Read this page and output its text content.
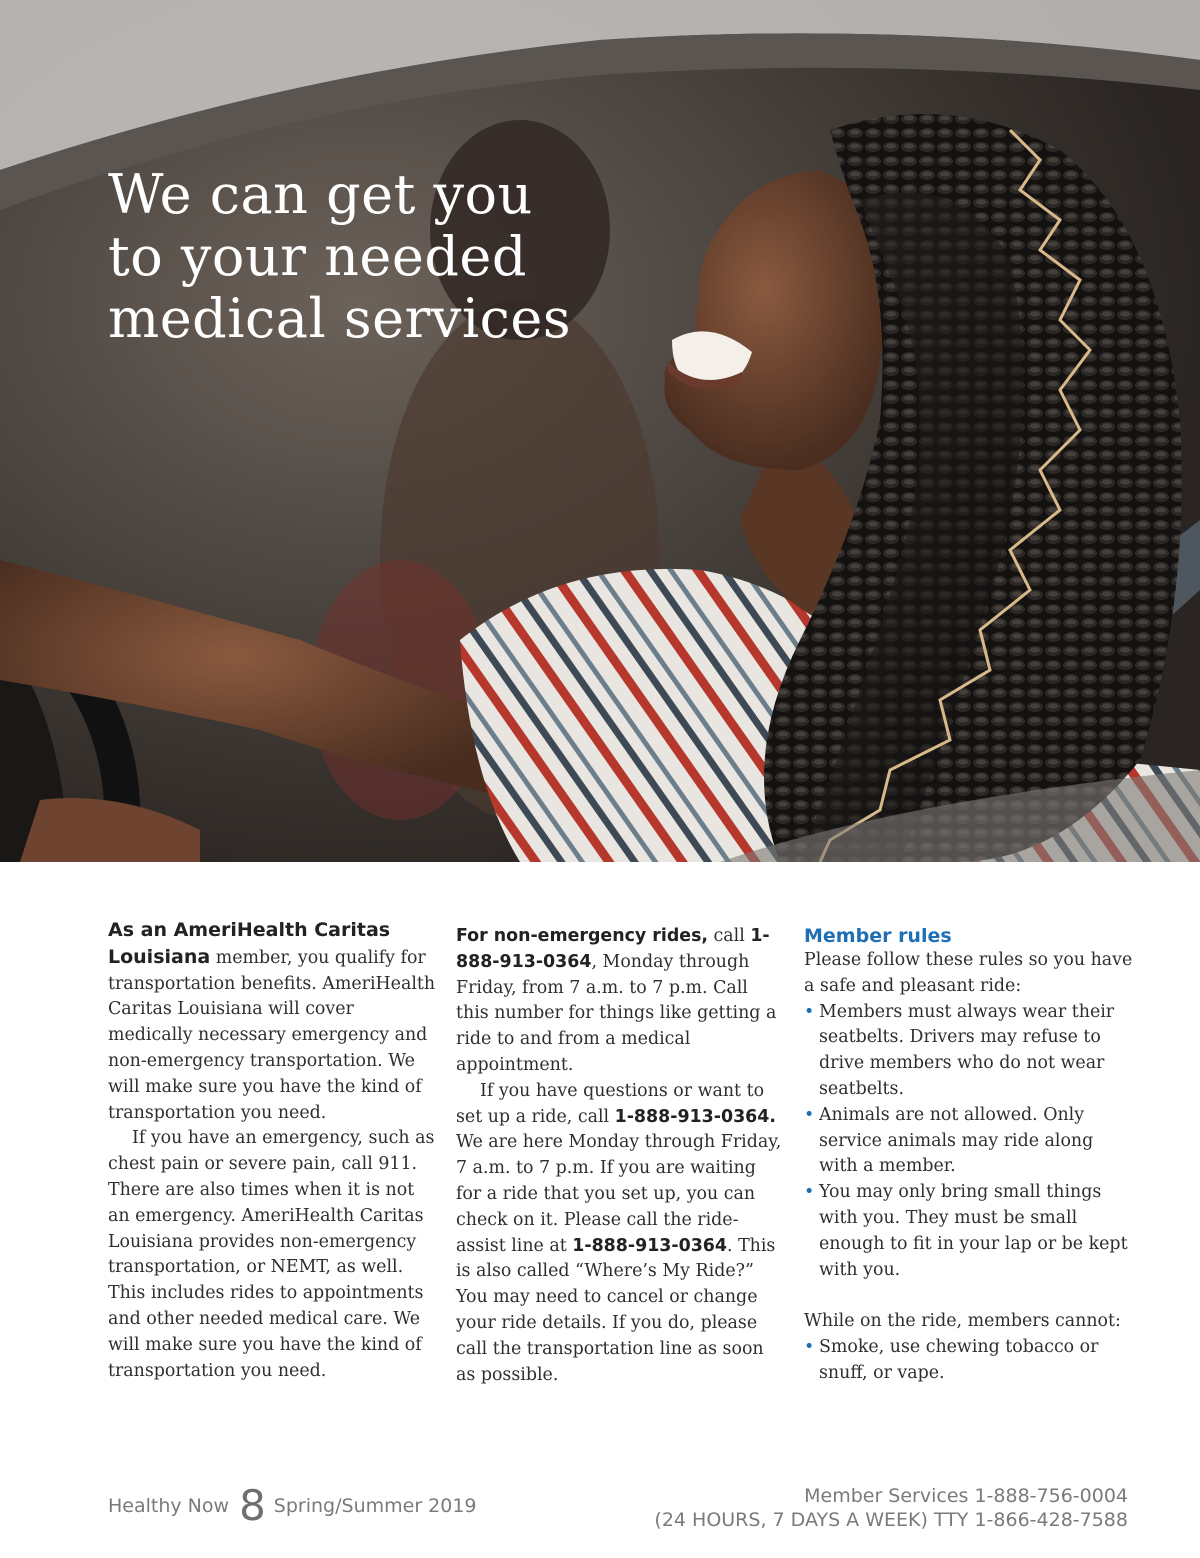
We can get you
to your needed
medical services

As an AmeriHealth Caritas Louisiana member, you qualify for transportation benefits. AmeriHealth Caritas Louisiana will cover medically necessary emergency and non-emergency transportation. We will make sure you have the kind of transportation you need.

If you have an emergency, such as chest pain or severe pain, call 911. There are also times when it is not an emergency. AmeriHealth Caritas Louisiana provides non-emergency transportation, or NEMT, as well. This includes rides to appointments and other needed medical care. We will make sure you have the kind of transportation you need.

For non-emergency rides, call 1-888-913-0364, Monday through Friday, from 7 a.m. to 7 p.m. Call this number for things like getting a ride to and from a medical appointment.

If you have questions or want to set up a ride, call 1-888-913-0364. We are here Monday through Friday, 7 a.m. to 7 p.m. If you are waiting for a ride that you set up, you can check on it. Please call the ride-assist line at 1-888-913-0364. This is also called “Where’s My Ride?” You may need to cancel or change your ride details. If you do, please call the transportation line as soon as possible.

Member rules

Please follow these rules so you have a safe and pleasant ride:

• Members must always wear their seatbelts. Drivers may refuse to drive members who do not wear seatbelts.
• Animals are not allowed. Only service animals may ride along with a member.
• You may only bring small things with you. They must be small enough to fit in your lap or be kept with you.

While on the ride, members cannot:

• Smoke, use chewing tobacco or snuff, or vape.
Healthy Now 8 Spring/Summer 2019	Member Services 1-888-756-0004
(24 HOURS, 7 DAYS A WEEK) TTY 1-866-428-7588
